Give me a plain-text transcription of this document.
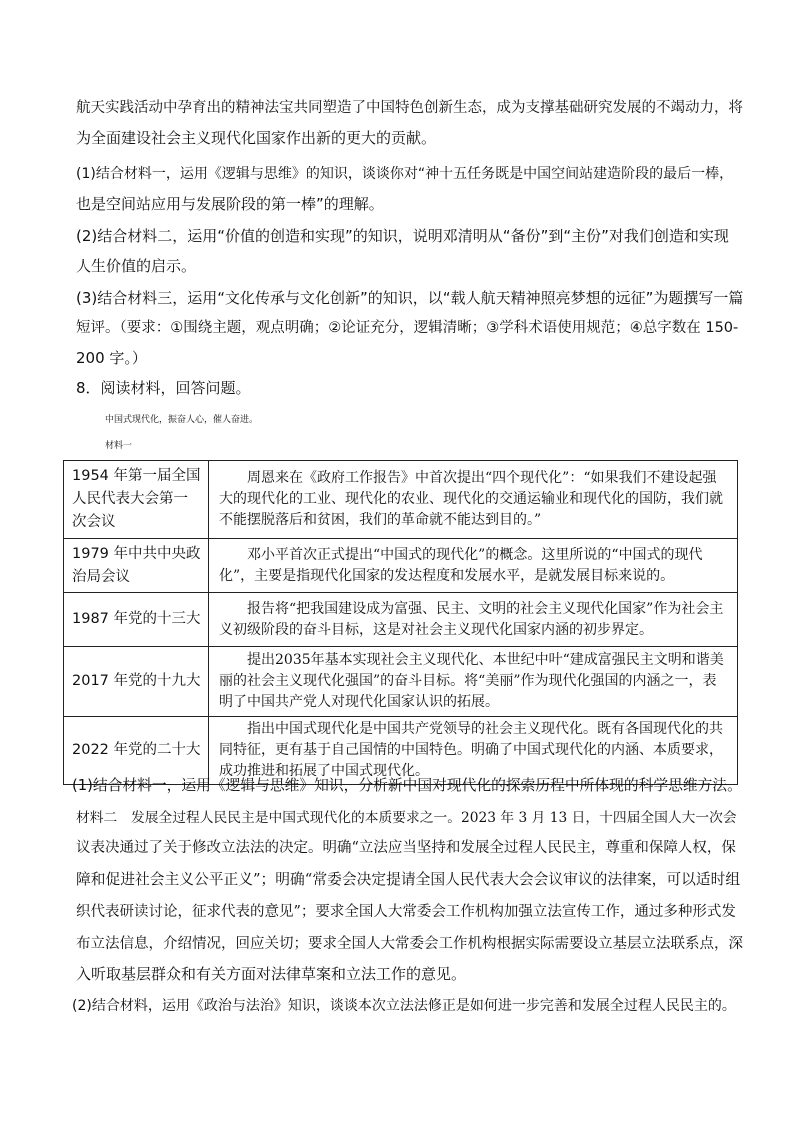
航天实践活动中孕育出的精神法宝共同塑造了中国特色创新生态，成为支撑基础研究发展的不竭动力，将
为全面建设社会主义现代化国家作出新的更大的贡献。
(1)结合材料一，运用《逻辑与思维》的知识，谈谈你对“神十五任务既是中国空间站建造阶段的最后一棒，
也是空间站应用与发展阶段的第一棒”的理解。
(2)结合材料二，运用“价值的创造和实现”的知识，说明邓清明从“备份”到“主份”对我们创造和实现
人生价值的启示。
(3)结合材料三，运用“文化传承与文化创新”的知识，以“载人航天精神照亮梦想的远征”为题撰写一篇
短评。（要求：①围绕主题，观点明确；②论证充分，逻辑清晰；③学科术语使用规范；④总字数在 150-
200 字。）
8．阅读材料，回答问题。
中国式现代化，振奋人心，催人奋进。
材料一
1954 年第一届全国人民代表大会第一次会议	周恩来在《政府工作报告》中首次提出“四个现代化”：“如果我们不建设起强大的现代化的工业、现代化的农业、现代化的交通运输业和现代化的国防，我们就不能摆脱落后和贫困，我们的革命就不能达到目的。”

1979 年中共中央政治局会议	邓小平首次正式提出“中国式的现代化”的概念。这里所说的“中国式的现代化”，主要是指现代化国家的发达程度和发展水平，是就发展目标来说的。

1987 年党的十三大	报告将“把我国建设成为富强、民主、文明的社会主义现代化国家”作为社会主义初级阶段的奋斗目标，这是对社会主义现代化国家内涵的初步界定。

2017 年党的十九大	提出2035年基本实现社会主义现代化、本世纪中叶“建成富强民主文明和谐美丽的社会主义现代化强国”的奋斗目标。将“美丽”作为现代化强国的内涵之一，表明了中国共产党人对现代化国家认识的拓展。

2022 年党的二十大	指出中国式现代化是中国共产党领导的社会主义现代化。既有各国现代化的共同特征，更有基于自己国情的中国特色。明确了中国式现代化的内涵、本质要求，成功推进和拓展了中国式现代化。
(1)结合材料一，运用《逻辑与思维》知识，分析新中国对现代化的探索历程中所体现的科学思维方法。
材料二　发展全过程人民民主是中国式现代化的本质要求之一。2023 年 3 月 13 日，十四届全国人大一次会
议表决通过了关于修改立法法的决定。明确“立法应当坚持和发展全过程人民民主，尊重和保障人权，保
障和促进社会主义公平正义”；明确“常委会决定提请全国人民代表大会会议审议的法律案，可以适时组
织代表研读讨论，征求代表的意见”；要求全国人大常委会工作机构加强立法宣传工作，通过多种形式发
布立法信息，介绍情况，回应关切；要求全国人大常委会工作机构根据实际需要设立基层立法联系点，深
入听取基层群众和有关方面对法律草案和立法工作的意见。
(2)结合材料，运用《政治与法治》知识，谈谈本次立法法修正是如何进一步完善和发展全过程人民民主的。
